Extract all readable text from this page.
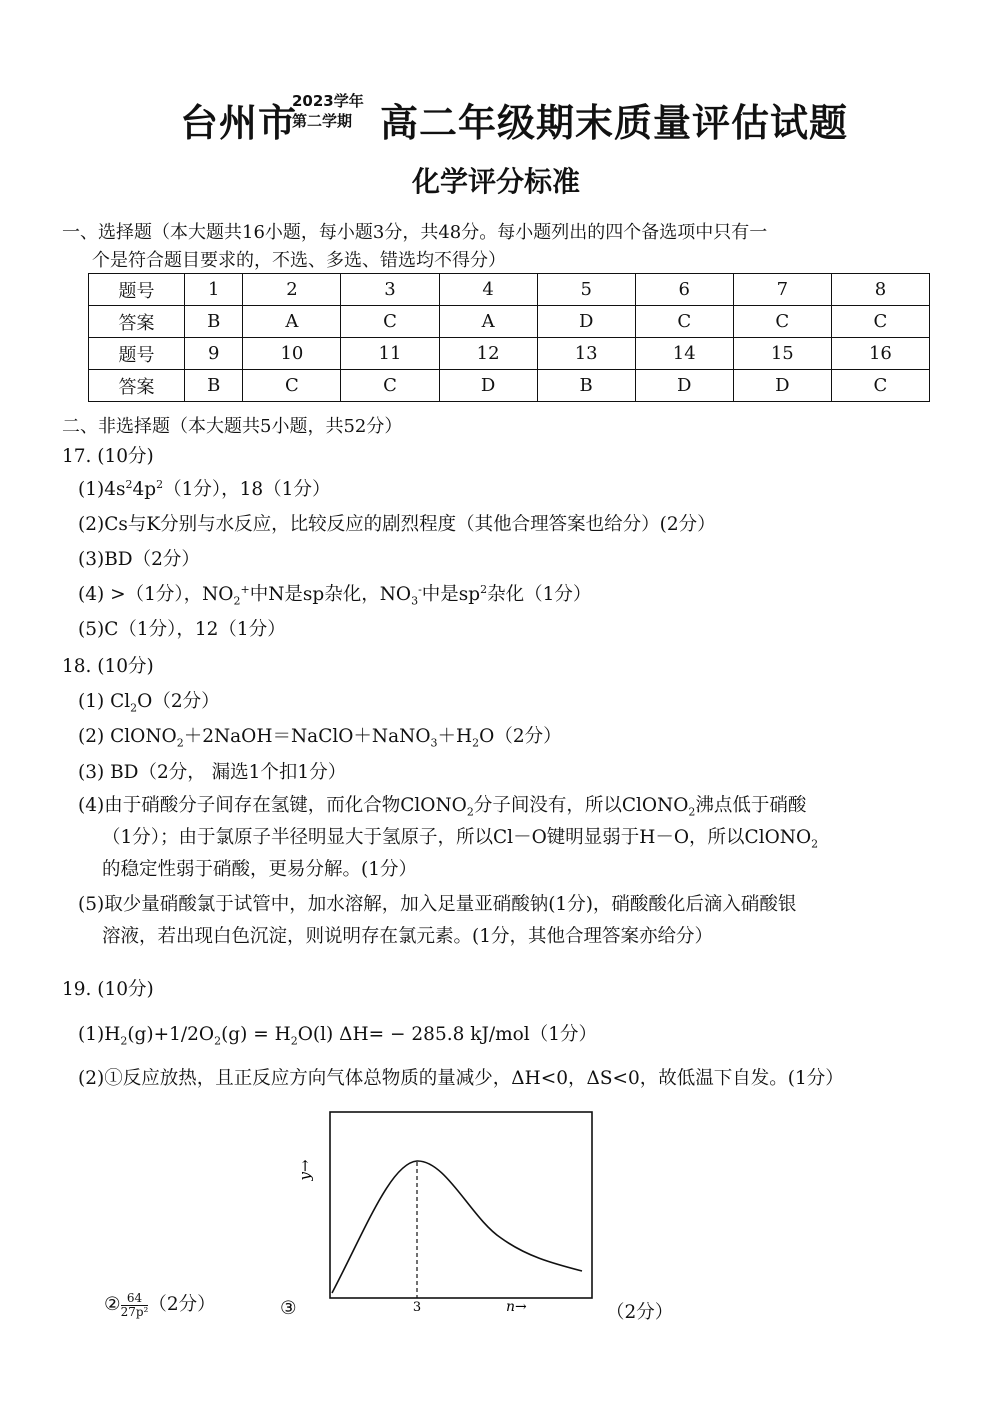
台州市
2023学年
第二学期 高二年级期末质量评估试题
化学评分标准
一、选择题（本大题共16小题，每小题3分，共48分。每小题列出的四个备选项中只有一
个是符合题目要求的，不选、多选、错选均不得分）
题号	1	2	3	4	5	6	7	8
答案	B	A	C	A	D	C	C	C
题号	9	10	11	12	13	14	15	16
答案	B	C	C	D	B	D	D	C
二、非选择题（本大题共5小题，共52分）
17. (10分)
$(1)4s^24p^2(1$分），18（1分）
(2)Cs与K分别与水反应，比较反应的剧烈程度（其他合理答案也给分）(2分）
(3)BD（2分）
(4) >（1分），$NO_2^+$中N是sp杂化，$NO_3^-$中是$sp^2$杂化（1分）
(5)C（1分），12（1分）
18. (10分)
(1) $Cl_2O(2$分）
(2) $ClONO_2+2NaOH=NaClO+NaNO_3+H_2O(2$分）
(3) BD（2分， 漏选1个扣1分）
(4)由于硝酸分子间存在氢键，而化合物ClONO$_2$分子间没有，所以ClONO$_2$沸点低于硝酸
（1分）；由于氯原子半径明显大于氢原子，所以Cl－O键明显弱于H－O，所以ClONO$_2$
的稳定性弱于硝酸，更易分解。(1分）
(5)取少量硝酸氯于试管中，加水溶解，加入足量亚硝酸钠(1分)，硝酸酸化后滴入硝酸银
溶液，若出现白色沉淀，则说明存在氯元素。(1分，其他合理答案亦给分）
19. (10分)
$(1)H_2(g)+1/2O_2(g) = H_2O(l) \Delta H= - 285.8$ kJ/mol（1分）
(2)①反应放热，且正反应方向气体总物质的量减少，ΔH<0，ΔS<0，故低温下自发。(1分）
② $\frac{64}{\text{27p²}} (2$分）	③	（2分）
y→
3	n→
